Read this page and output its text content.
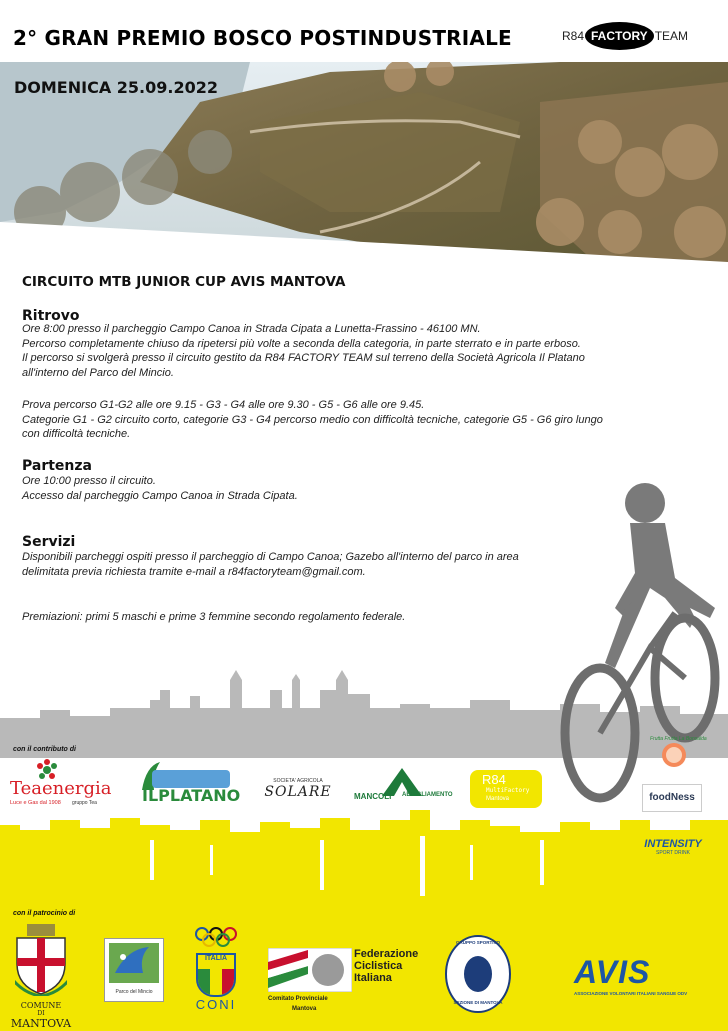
2° GRAN PREMIO BOSCO POSTINDUSTRIALE	R84 FACTORY TEAM
DOMENICA 25.09.2022
CIRCUITO MTB JUNIOR CUP AVIS MANTOVA
Ritrovo
Ore 8:00 presso il parcheggio Campo Canoa in Strada Cipata a Lunetta-Frassino - 46100 MN.
Percorso completamente chiuso da ripetersi più volte a seconda della categoria, in parte sterrato e in parte erboso.
Il percorso si svolgerà presso il circuito gestito da R84 FACTORY TEAM sul terreno della Società Agricola Il Platano
all'interno del Parco del Mincio.
Prova percorso G1-G2 alle ore 9.15 - G3 - G4 alle ore 9.30 - G5 - G6 alle ore 9.45.
Categorie G1 - G2 circuito corto, categorie G3 - G4 percorso medio con difficoltà tecniche, categorie G5 - G6 giro lungo
con difficoltà tecniche.
Partenza
Ore 10:00 presso il circuito.
Accesso dal parcheggio Campo Canoa in Strada Cipata.
Servizi
Disponibili parcheggi ospiti presso il parcheggio di Campo Canoa; Gazebo all'interno del parco in area
delimitata previa richiesta tramite e-mail a r84factoryteam@gmail.com.
Premiazioni: primi 5 maschi e prime 3 femmine secondo regolamento federale.
con il contributo di
Teaenergia
Luce e Gas dal 1908 gruppo Tea	ILPLATANO
SOCIETA' AGRICOLA
SOLARE	MANCOLI ABBIGLIAMENTO
R84
MultiFactory
Mantova
Frutta Frutta La Bonsalda
foodNess
INTENSITY
SPORT DRINK
con il patrocinio di
COMUNE
DI
MANTOVA
Parco del Mincio
ITALIA
CONI
Federazione
Ciclistica
Italiana
Comitato Provinciale
Mantova
GRUPPO SPORTIVO
SEZIONE DI MANTOVA
AVIS
ASSOCIAZIONE VOLONTARI ITALIANI SANGUE ODV
